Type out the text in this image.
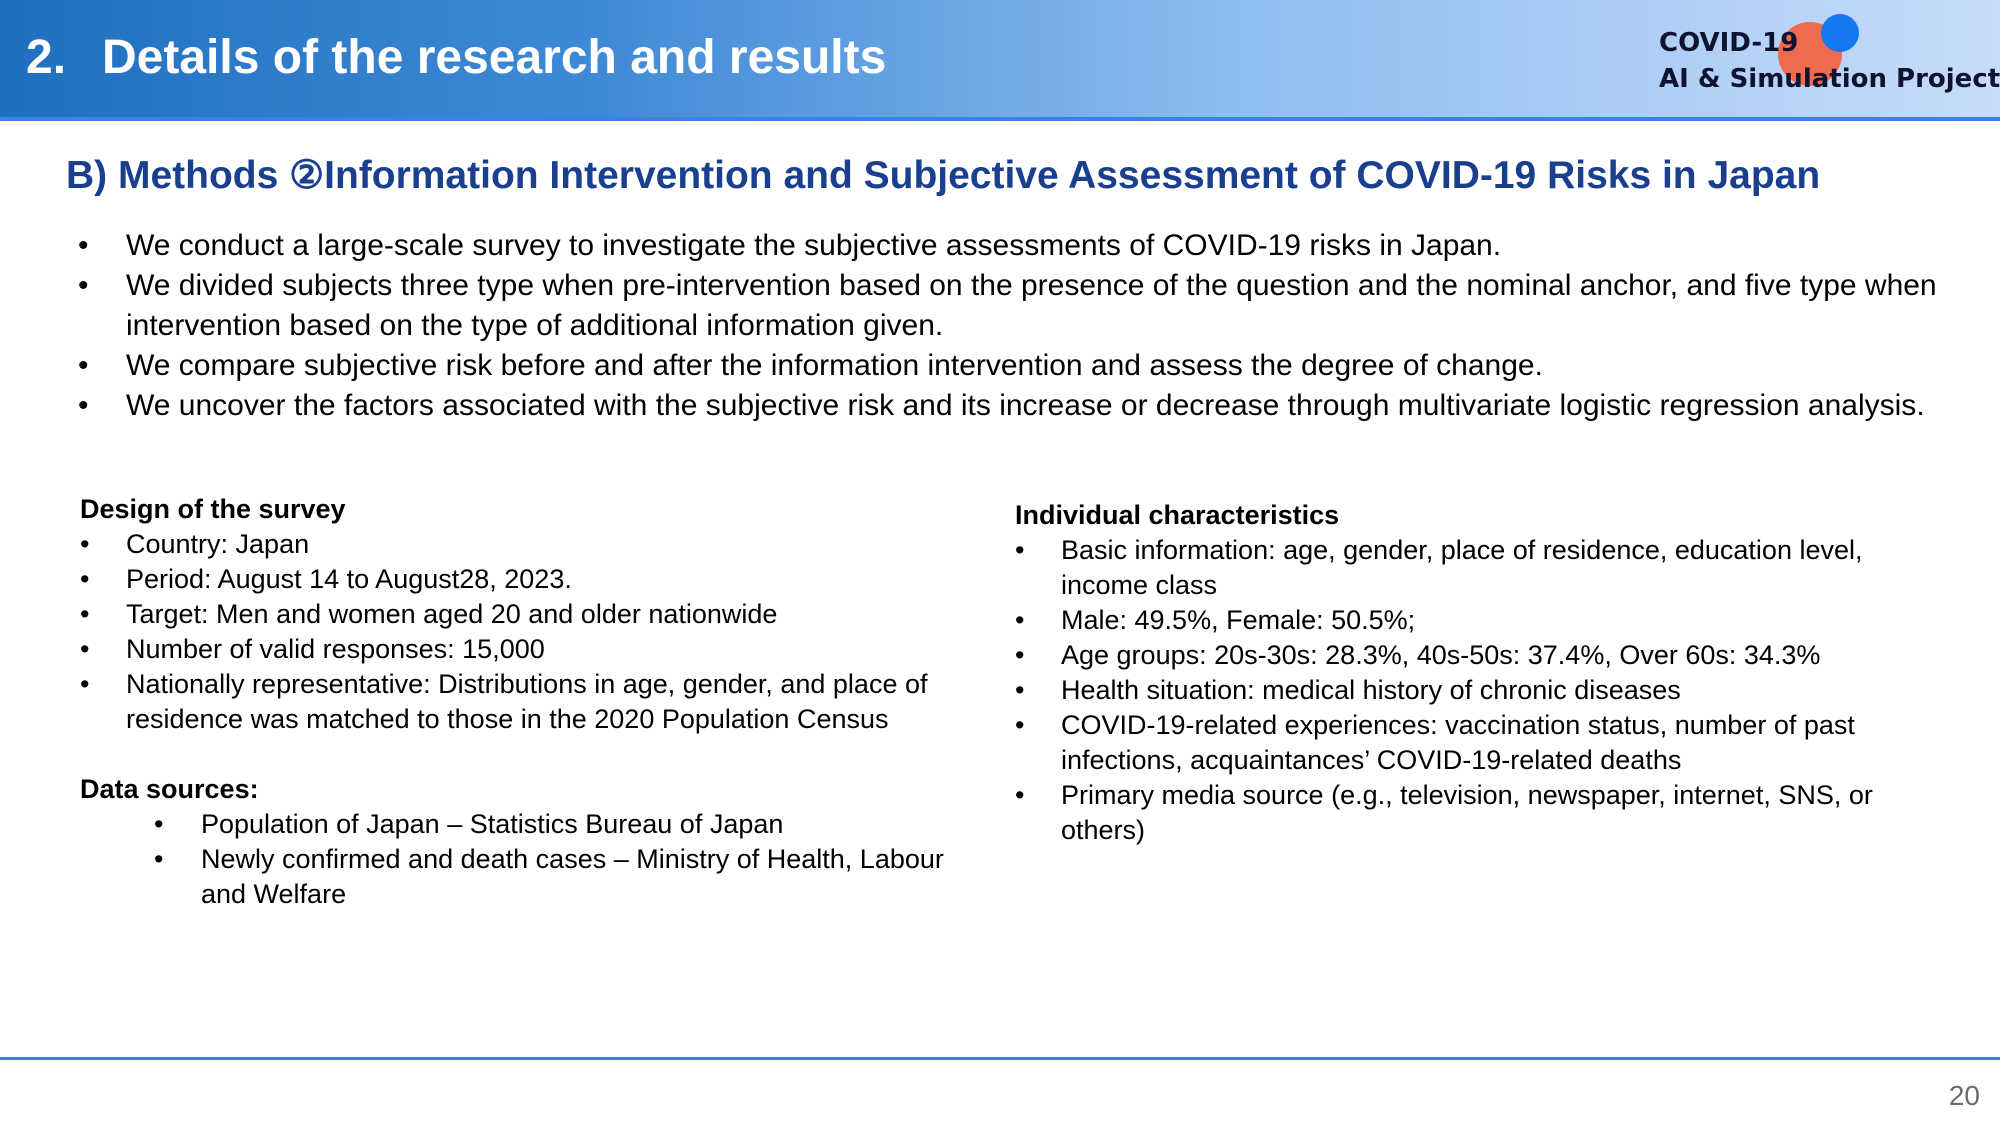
2. Details of the research and results	COVID-19
AI & Simulation Project
B) Methods ②Information Intervention and Subjective Assessment of COVID-19 Risks in Japan
• We conduct a large-scale survey to investigate the subjective assessments of COVID-19 risks in Japan.
• We divided subjects three type when pre-intervention based on the presence of the question and the nominal anchor, and five type when intervention based on the type of additional information given.
• We compare subjective risk before and after the information intervention and assess the degree of change.
• We uncover the factors associated with the subjective risk and its increase or decrease through multivariate logistic regression analysis.
Design of the survey
• Country: Japan
• Period: August 14 to August28, 2023.
• Target: Men and women aged 20 and older nationwide
• Number of valid responses: 15,000
• Nationally representative: Distributions in age, gender, and place of residence was matched to those in the 2020 Population Census
Data sources:
• Population of Japan – Statistics Bureau of Japan
• Newly confirmed and death cases – Ministry of Health, Labour and Welfare
Individual characteristics
• Basic information: age, gender, place of residence, education level, income class
• Male: 49.5%, Female: 50.5%;
• Age groups: 20s-30s: 28.3%, 40s-50s: 37.4%, Over 60s: 34.3%
• Health situation: medical history of chronic diseases
• COVID-19-related experiences: vaccination status, number of past infections, acquaintances’ COVID-19-related deaths
• Primary media source (e.g., television, newspaper, internet, SNS, or others)
20
